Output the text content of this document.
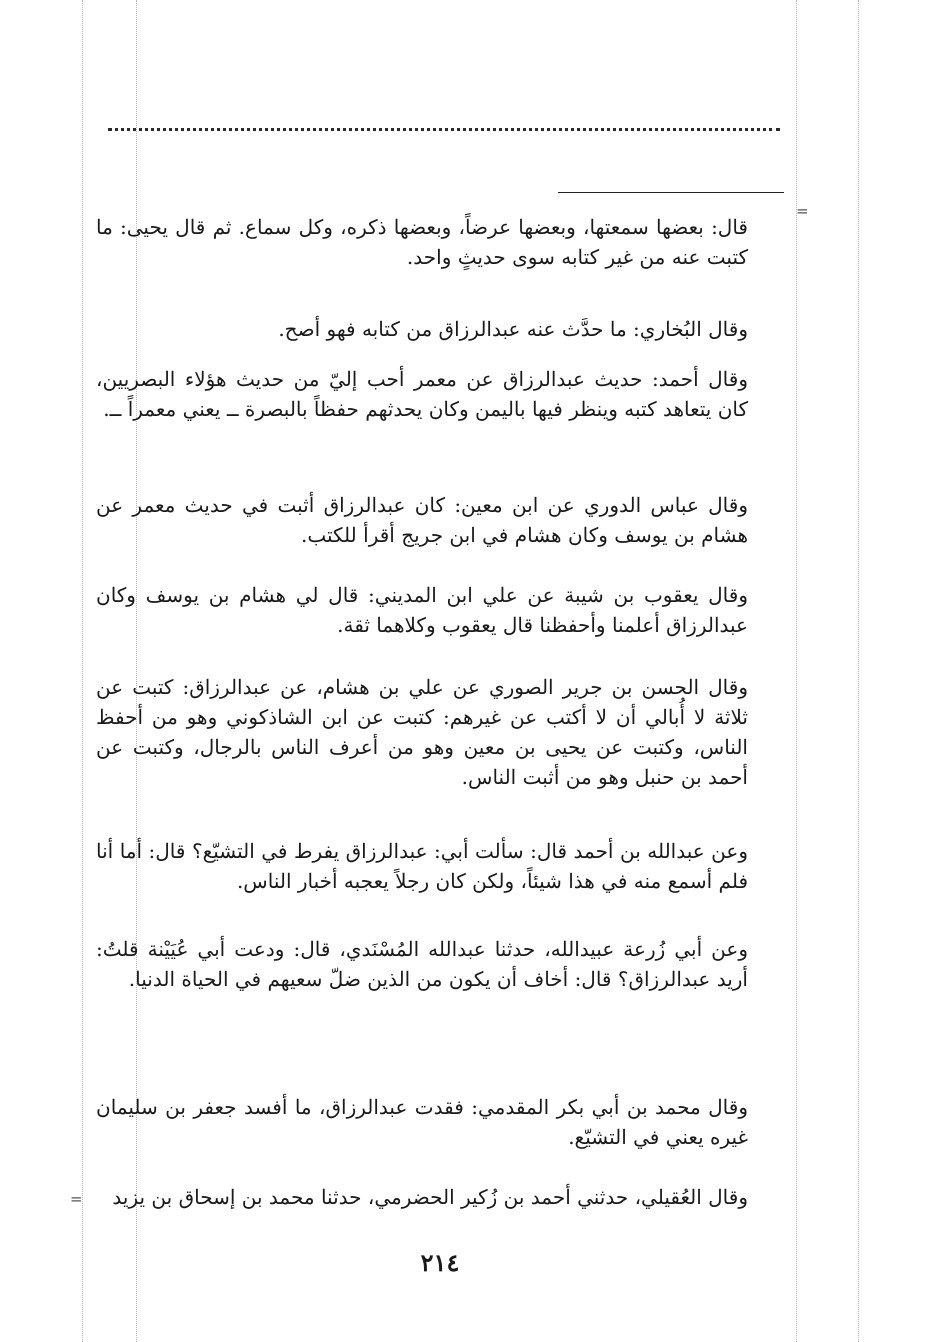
=
قال: بعضها سمعتها، وبعضها عرضاً، وبعضها ذكره، وكل سماع. ثم قال يحيى: ما كتبت عنه من غير كتابه سوى حديثٍ واحد.
وقال البُخاري: ما حدَّث عنه عبدالرزاق من كتابه فهو أصح.
وقال أحمد: حديث عبدالرزاق عن معمر أحب إليّ من حديث هؤلاء البصريين، كان يتعاهد كتبه وينظر فيها باليمن وكان يحدثهم حفظاً بالبصرة ــ يعني معمراً ــ.
وقال عباس الدوري عن ابن معين: كان عبدالرزاق أثبت في حديث معمر عن هشام بن يوسف وكان هشام في ابن جريج أقرأ للكتب.
وقال يعقوب بن شيبة عن علي ابن المديني: قال لي هشام بن يوسف وكان عبدالرزاق أعلمنا وأحفظنا قال يعقوب وكلاهما ثقة.
وقال الحسن بن جرير الصوري عن علي بن هشام، عن عبدالرزاق: كتبت عن ثلاثة لا أُبالي أن لا أكتب عن غيرهم: كتبت عن ابن الشاذكوني وهو من أحفظ الناس، وكتبت عن يحيى بن معين وهو من أعرف الناس بالرجال، وكتبت عن أحمد بن حنبل وهو من أثبت الناس.
وعن عبدالله بن أحمد قال: سألت أبي: عبدالرزاق يفرط في التشيّع؟ قال: أما أنا فلم أسمع منه في هذا شيئاً، ولكن كان رجلاً يعجبه أخبار الناس.
وعن أبي زُرعة عبيدالله، حدثنا عبدالله المُسْنَدي، قال: ودعت أبي عُيَيْنة قلتُ: أريد عبدالرزاق؟ قال: أخاف أن يكون من الذين ضلّ سعيهم في الحياة الدنيا.
وقال محمد بن أبي بكر المقدمي: فقدت عبدالرزاق، ما أفسد جعفر بن سليمان غيره يعني في التشيّع.
وقال العُقيلي، حدثني أحمد بن زُكير الحضرمي، حدثنا محمد بن إسحاق بن يزيد
=
٢١٤
